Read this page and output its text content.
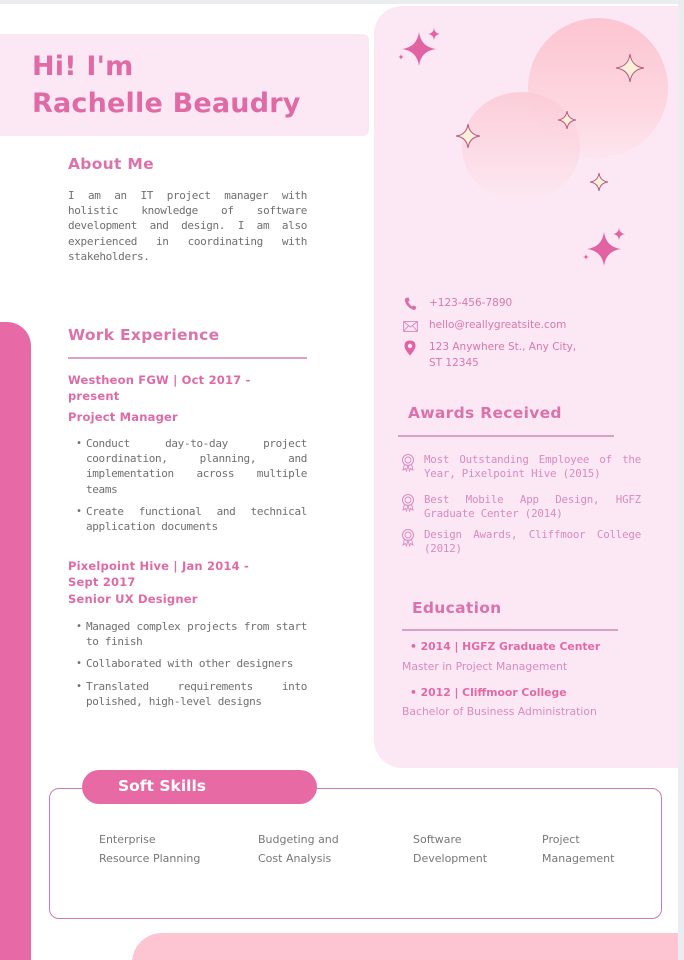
Hi! I'm
Rachelle Beaudry
About Me
I am an IT project manager with holistic knowledge of software development and design. I am also experienced in coordinating with stakeholders.
Work Experience
Westheon FGW | Oct 2017 -
present
Project Manager
• Conduct day-to-day project coordination, planning, and implementation across multiple teams
• Create functional and technical application documents
Pixelpoint Hive | Jan 2014 -
Sept 2017
Senior UX Designer
• Managed complex projects from start to finish
• Collaborated with other designers
• Translated requirements into polished, high-level designs
+123-456-7890
hello@reallygreatsite.com
123 Anywhere St., Any City,
ST 12345
Awards Received
Most Outstanding Employee of the Year, Pixelpoint Hive (2015)
Best Mobile App Design, HGFZ Graduate Center (2014)
Design Awards, Cliffmoor College (2012)
Education
• 2014 | HGFZ Graduate Center
Master in Project Management
• 2012 | Cliffmoor College
Bachelor of Business Administration
Soft Skills
Enterprise
Resource Planning
Budgeting and
Cost Analysis
Software
Development
Project
Management
